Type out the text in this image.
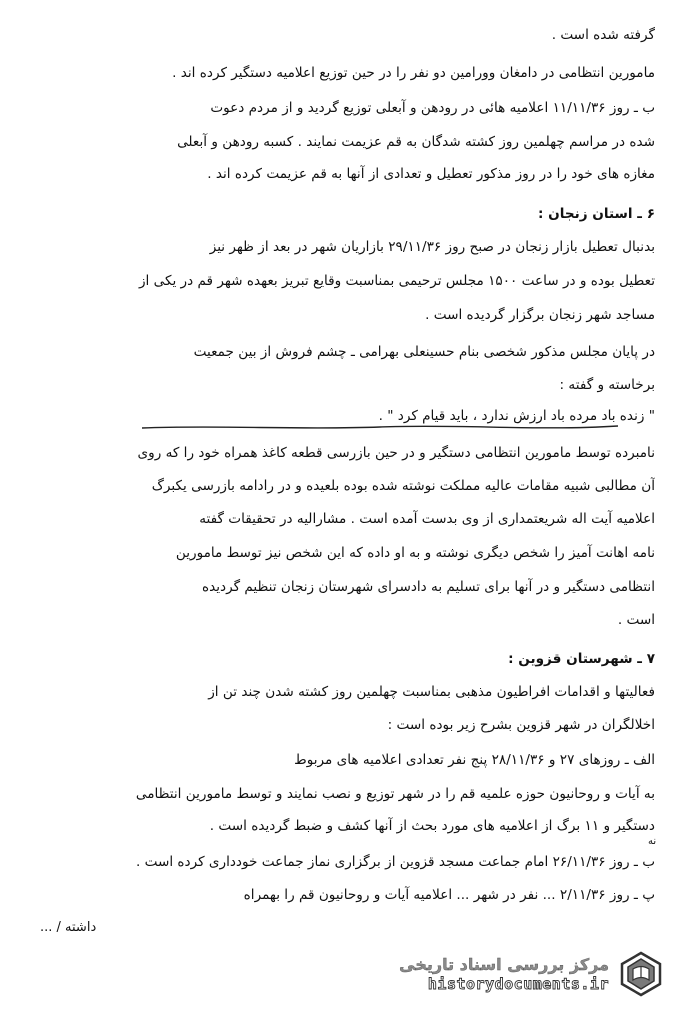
گرفته شده است .
مامورین انتظامی در دامغان وورامین دو نفر را در حین توزیع اعلامیه دستگیر کرده اند .
ب ـ روز ۱۱/۱۱/۳۶ اعلامیه هائی در رودهن و آبعلی توزیع گردید و از مردم دعوت
شده در مراسم چهلمین روز کشته شدگان به قم عزیمت نمایند . کسبه رودهن و آبعلی
مغازه های خود را در روز مذکور تعطیل و تعدادی از آنها به قم عزیمت کرده اند .
۶ ـ استان زنجان :
بدنبال تعطیل بازار زنجان در صبح روز ۲۹/۱۱/۳۶ بازاریان شهر در بعد از ظهر نیز
تعطیل بوده و در ساعت ۱۵۰۰ مجلس ترحیمی بمناسبت وقایع تبریز بعهده شهر قم در یکی از
مساجد شهر زنجان برگزار گردیده است .
در پایان مجلس مذکور شخصی بنام حسینعلی بهرامی ـ چشم فروش از بین جمعیت
برخاسته و گفته :
" زنده باد مرده باد ارزش ندارد ، باید قیام کرد " .
نامبرده توسط مامورین انتظامی دستگیر و در حین بازرسی قطعه کاغذ همراه خود را که روی
آن مطالبی شبیه مقامات عالیه مملکت نوشته شده بوده بلعیده و در رادامه بازرسی یکبرگ
اعلامیه آیت اله شریعتمداری از وی بدست آمده است . مشارالیه در تحقیقات گفته
نامه اهانت آمیز را شخص دیگری نوشته و به او داده که این شخص نیز توسط مامورین
انتظامی دستگیر و در آنها برای تسلیم به دادسرای شهرستان زنجان تنظیم گردیده
است .
۷ ـ شهرستان قزوین :
فعالیتها و اقدامات افراطیون مذهبی بمناسبت چهلمین روز کشته شدن چند تن از
اخلالگران در شهر قزوین بشرح زیر بوده است :
الف ـ روزهای ۲۷ و ۲۸/۱۱/۳۶ پنج نفر تعدادی اعلامیه های مربوط
به آیات و روحانیون حوزه علمیه قم را در شهر توزیع و نصب نمایند و توسط مامورین انتظامی
دستگیر و ۱۱ برگ از اعلامیه های مورد بحث از آنها کشف و ضبط گردیده است .
ب ـ روز ۲۶/۱۱/۳۶ امام جماعت مسجد قزوین از برگزاری نماز جماعت خودداری کرده است .
پ ـ روز ۲/۱۱/۳۶ ... نفر در شهر ... اعلامیه آیات و روحانیون قم را بهمراه
نه
داشته / ...
مرکز بررسی اسناد تاریخی
historydocuments.ir
